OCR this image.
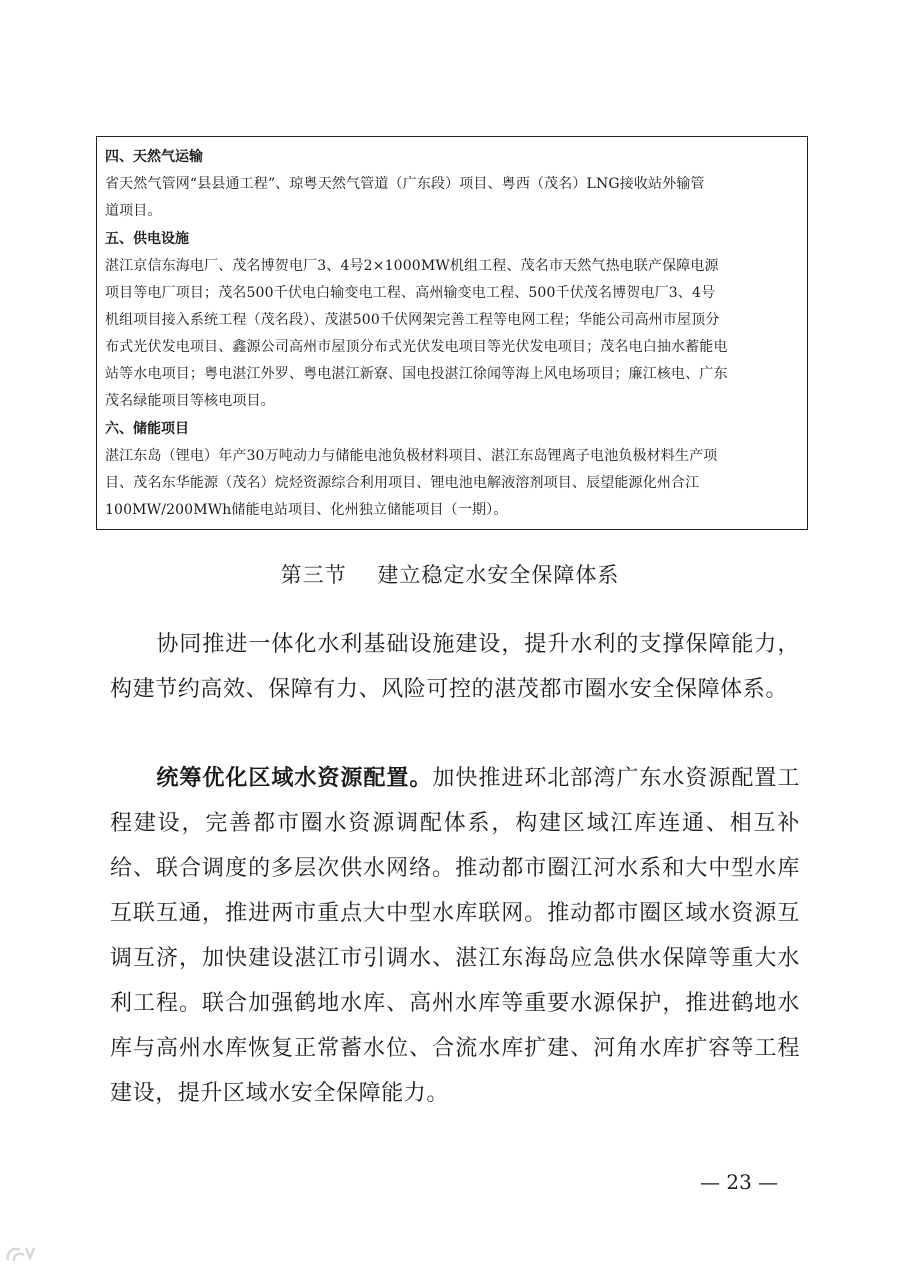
四、天然气运输
省天然气管网“县县通工程”、琼粤天然气管道（广东段）项目、粤西（茂名）LNG接收站外输管
道项目。
五、供电设施
湛江京信东海电厂、茂名博贺电厂3、4号2×1000MW机组工程、茂名市天然气热电联产保障电源
项目等电厂项目；茂名500千伏电白输变电工程、高州输变电工程、500千伏茂名博贺电厂3、4号
机组项目接入系统工程（茂名段）、茂湛500千伏网架完善工程等电网工程；华能公司高州市屋顶分
布式光伏发电项目、鑫源公司高州市屋顶分布式光伏发电项目等光伏发电项目；茂名电白抽水蓄能电
站等水电项目；粤电湛江外罗、粤电湛江新寮、国电投湛江徐闻等海上风电场项目；廉江核电、广东
茂名绿能项目等核电项目。
六、储能项目
湛江东岛（锂电）年产30万吨动力与储能电池负极材料项目、湛江东岛锂离子电池负极材料生产项
目、茂名东华能源（茂名）烷烃资源综合利用项目、锂电池电解液溶剂项目、辰望能源化州合江
100MW/200MWh储能电站项目、化州独立储能项目（一期）。
第三节    建立稳定水安全保障体系
协同推进一体化水利基础设施建设，提升水利的支撑保障能力，构建节约高效、保障有力、风险可控的湛茂都市圈水安全保障体系。
统筹优化区域水资源配置。加快推进环北部湾广东水资源配置工程建设，完善都市圈水资源调配体系，构建区域江库连通、相互补给、联合调度的多层次供水网络。推动都市圈江河水系和大中型水库互联互通，推进两市重点大中型水库联网。推动都市圈区域水资源互调互济，加快建设湛江市引调水、湛江东海岛应急供水保障等重大水利工程。联合加强鹤地水库、高州水库等重要水源保护，推进鹤地水库与高州水库恢复正常蓄水位、合流水库扩建、河角水库扩容等工程建设，提升区域水安全保障能力。
— 23 —
